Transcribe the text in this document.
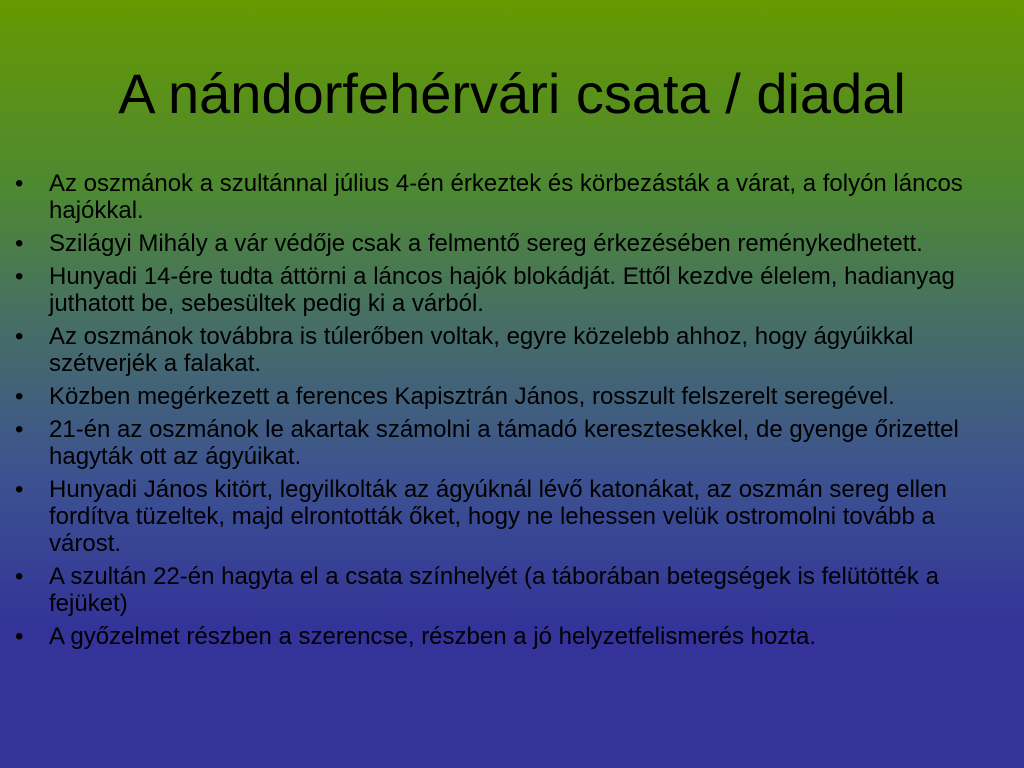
A nándorfehérvári csata / diadal
•	Az oszmánok a szultánnal július 4-én érkeztek és körbezásták a várat, a folyón láncos hajókkal.
•	Szilágyi Mihály a vár védője csak a felmentő sereg érkezésében reménykedhetett.
•	Hunyadi 14-ére tudta áttörni a láncos hajók blokádját. Ettől kezdve élelem, hadianyag juthatott be, sebesültek pedig ki a várból.
•	Az oszmánok továbbra is túlerőben voltak, egyre közelebb ahhoz, hogy ágyúikkal szétverjék a falakat.
•	Közben megérkezett a ferences Kapisztrán János, rosszult felszerelt seregével.
•	21-én az oszmánok le akartak számolni a támadó keresztesekkel, de gyenge őrizettel hagyták ott az ágyúikat.
•	Hunyadi János kitört, legyilkolták az ágyúknál lévő katonákat, az oszmán sereg ellen fordítva tüzeltek, majd elrontották őket, hogy ne lehessen velük ostromolni tovább a várost.
•	A szultán 22-én hagyta el a csata színhelyét (a táborában betegségek is felütötték a fejüket)
•	A győzelmet részben a szerencse, részben a jó helyzetfelismerés hozta.
